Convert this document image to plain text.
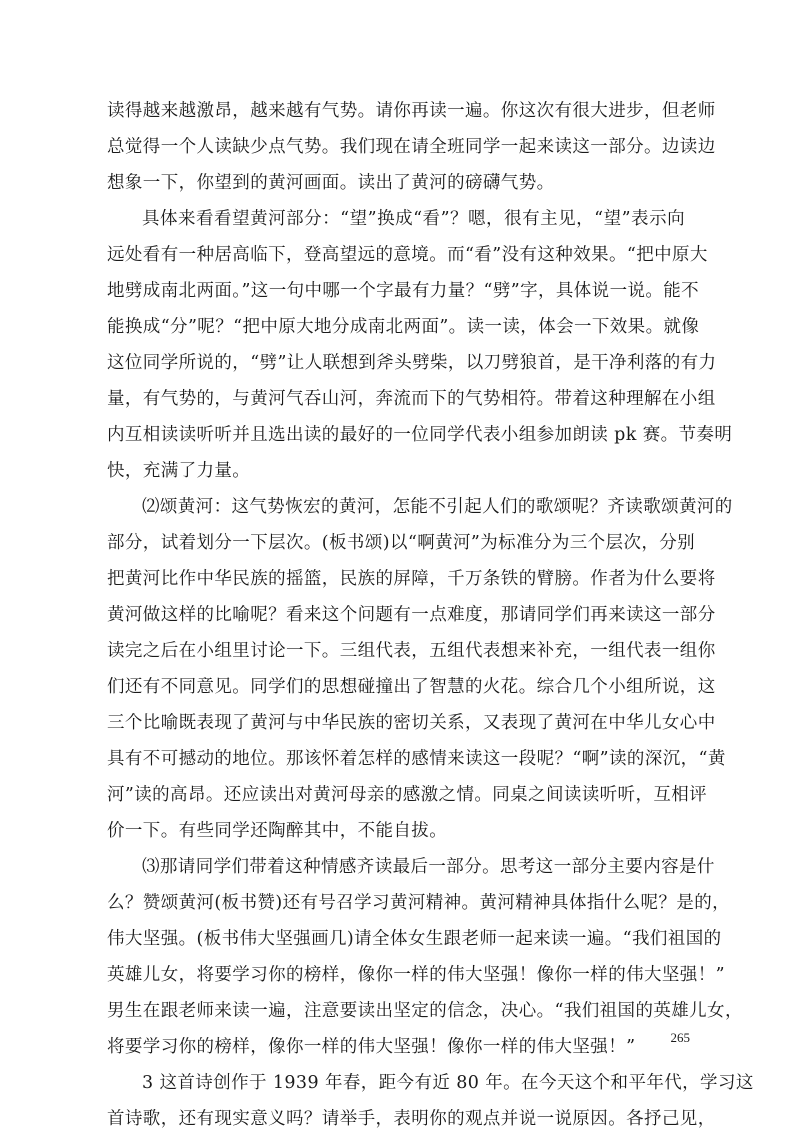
读得越来越激昂，越来越有气势。请你再读一遍。你这次有很大进步，但老师
总觉得一个人读缺少点气势。我们现在请全班同学一起来读这一部分。边读边
想象一下，你望到的黄河画面。读出了黄河的磅礴气势。
具体来看看望黄河部分：“望”换成“看”？嗯，很有主见，“望”表示向
远处看有一种居高临下，登高望远的意境。而“看”没有这种效果。“把中原大
地劈成南北两面。”这一句中哪一个字最有力量？“劈”字，具体说一说。能不
能换成“分”呢？“把中原大地分成南北两面”。读一读，体会一下效果。就像
这位同学所说的，“劈”让人联想到斧头劈柴，以刀劈狼首，是干净利落的有力
量，有气势的，与黄河气吞山河，奔流而下的气势相符。带着这种理解在小组
内互相读读听听并且选出读的最好的一位同学代表小组参加朗读 pk 赛。节奏明
快，充满了力量。
⑵颂黄河：这气势恢宏的黄河，怎能不引起人们的歌颂呢？齐读歌颂黄河的
部分，试着划分一下层次。(板书颂)以“啊黄河”为标准分为三个层次，分别
把黄河比作中华民族的摇篮，民族的屏障，千万条铁的臂膀。作者为什么要将
黄河做这样的比喻呢？看来这个问题有一点难度，那请同学们再来读这一部分
读完之后在小组里讨论一下。三组代表，五组代表想来补充，一组代表一组你
们还有不同意见。同学们的思想碰撞出了智慧的火花。综合几个小组所说，这
三个比喻既表现了黄河与中华民族的密切关系，又表现了黄河在中华儿女心中
具有不可撼动的地位。那该怀着怎样的感情来读这一段呢？“啊”读的深沉，“黄
河”读的高昂。还应读出对黄河母亲的感激之情。同桌之间读读听听，互相评
价一下。有些同学还陶醉其中，不能自拔。
⑶那请同学们带着这种情感齐读最后一部分。思考这一部分主要内容是什
么？赞颂黄河(板书赞)还有号召学习黄河精神。黄河精神具体指什么呢？是的，
伟大坚强。(板书伟大坚强画几)请全体女生跟老师一起来读一遍。“我们祖国的
英雄儿女，将要学习你的榜样，像你一样的伟大坚强！像你一样的伟大坚强！”
男生在跟老师来读一遍，注意要读出坚定的信念，决心。“我们祖国的英雄儿女，
将要学习你的榜样，像你一样的伟大坚强！像你一样的伟大坚强！”
3 这首诗创作于 1939 年春，距今有近 80 年。在今天这个和平年代，学习这
首诗歌，还有现实意义吗？请举手，表明你的观点并说一说原因。各抒己见，
265
